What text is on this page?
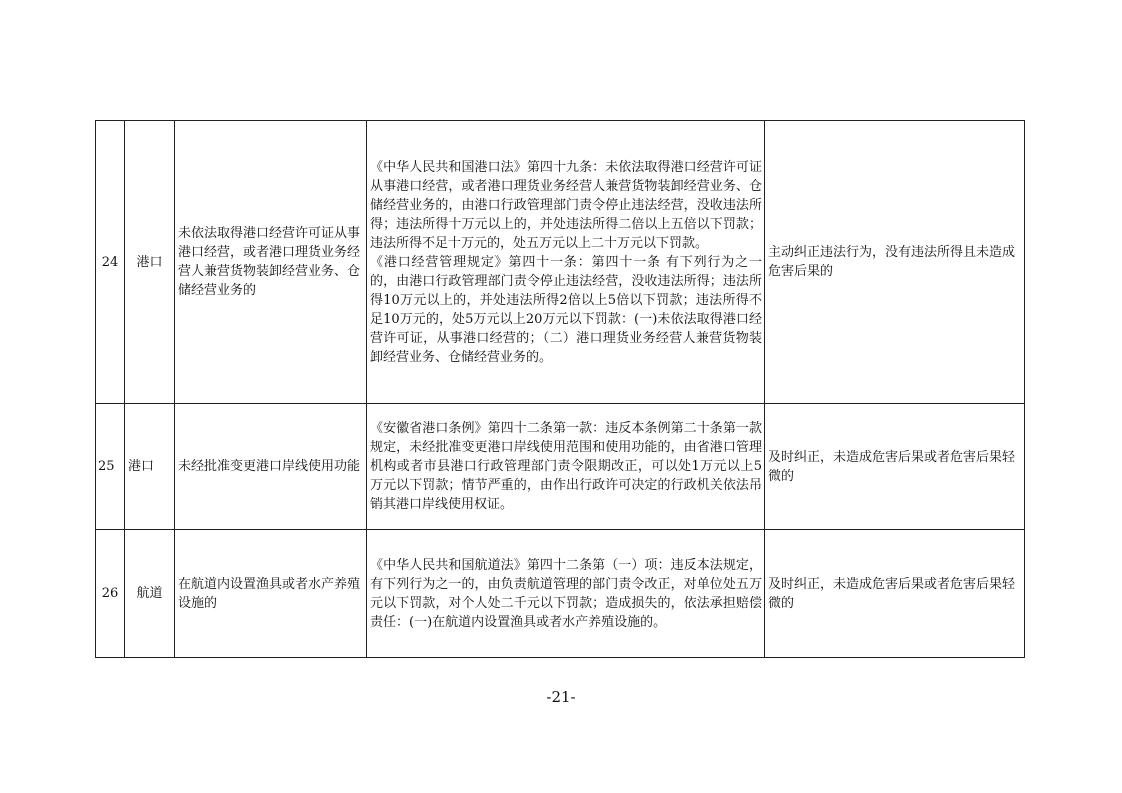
24	港口	未依法取得港口经营许可证从事港口经营，或者港口理货业务经营人兼营货物装卸经营业务、仓储经营业务的	《中华人民共和国港口法》第四十九条：未依法取得港口经营许可证从事港口经营，或者港口理货业务经营人兼营货物装卸经营业务、仓储经营业务的，由港口行政管理部门责令停止违法经营，没收违法所得；违法所得十万元以上的，并处违法所得二倍以上五倍以下罚款；违法所得不足十万元的，处五万元以上二十万元以下罚款。
《港口经营管理规定》第四十一条：第四十一条 有下列行为之一的，由港口行政管理部门责令停止违法经营，没收违法所得；违法所得10万元以上的，并处违法所得2倍以上5倍以下罚款；违法所得不足10万元的，处5万元以上20万元以下罚款：(一)未依法取得港口经营许可证，从事港口经营的；（二）港口理货业务经营人兼营货物装卸经营业务、仓储经营业务的。	主动纠正违法行为，没有违法所得且未造成危害后果的
25	港口	未经批准变更港口岸线使用功能	《安徽省港口条例》第四十二条第一款：违反本条例第二十条第一款规定，未经批准变更港口岸线使用范围和使用功能的，由省港口管理机构或者市县港口行政管理部门责令限期改正，可以处1万元以上5万元以下罚款；情节严重的，由作出行政许可决定的行政机关依法吊销其港口岸线使用权证。	及时纠正，未造成危害后果或者危害后果轻微的
26	航道	在航道内设置渔具或者水产养殖设施的	《中华人民共和国航道法》第四十二条第（一）项：违反本法规定，有下列行为之一的，由负责航道管理的部门责令改正，对单位处五万元以下罚款，对个人处二千元以下罚款；造成损失的，依法承担赔偿责任：(一)在航道内设置渔具或者水产养殖设施的。	及时纠正，未造成危害后果或者危害后果轻微的
-21-
